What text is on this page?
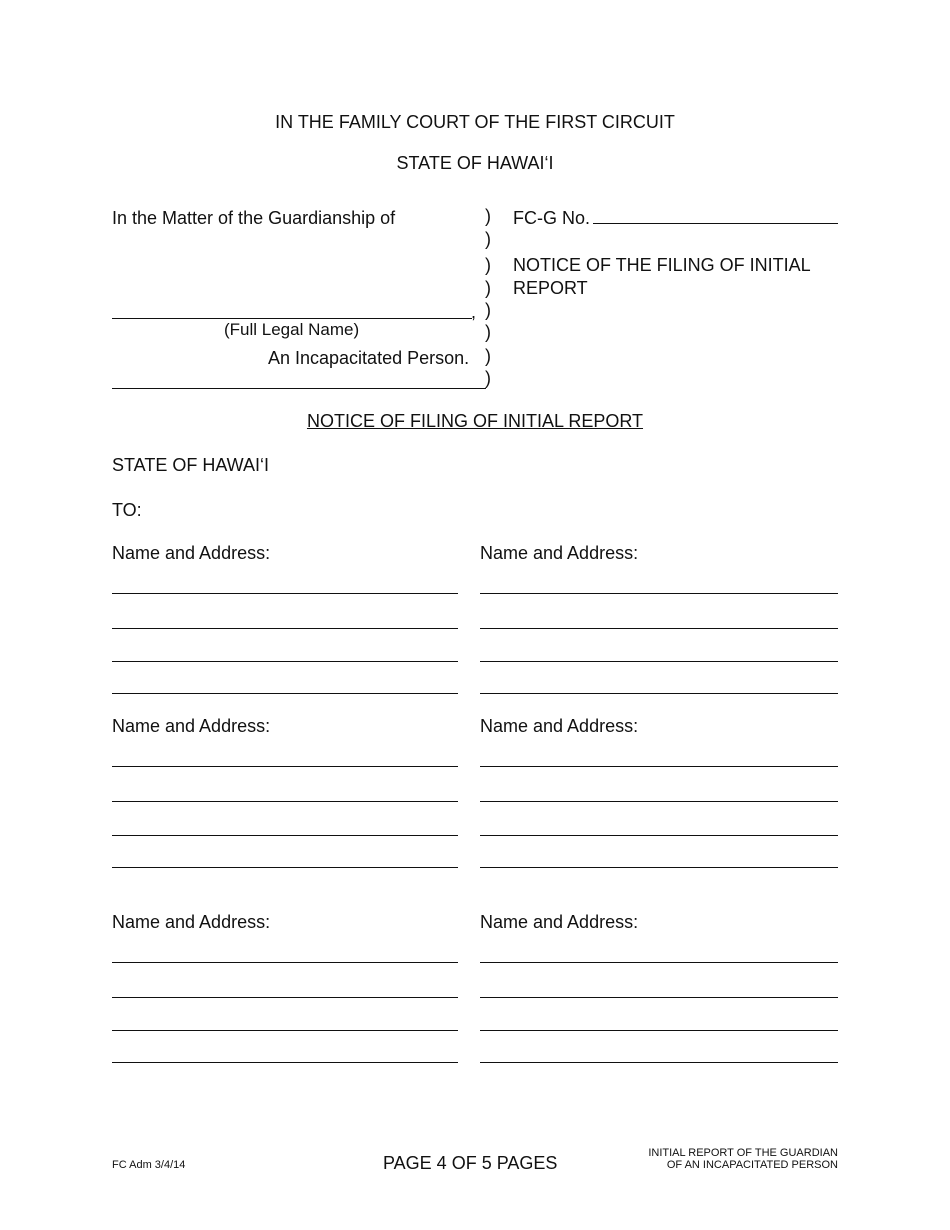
IN THE FAMILY COURT OF THE FIRST CIRCUIT
STATE OF HAWAI‘I
In the Matter of the Guardianship of
,
(Full Legal Name)
An Incapacitated Person.
)
)
)
)
)
)
)
)
FC-G No.
NOTICE OF THE FILING OF INITIAL
REPORT
NOTICE OF FILING OF INITIAL REPORT
STATE OF HAWAI‘I
TO:
Name and Address:	Name and Address:
Name and Address:	Name and Address:
Name and Address:	Name and Address:
FC Adm 3/4/14	PAGE 4 OF 5 PAGES	INITIAL REPORT OF THE GUARDIAN
OF AN INCAPACITATED PERSON
